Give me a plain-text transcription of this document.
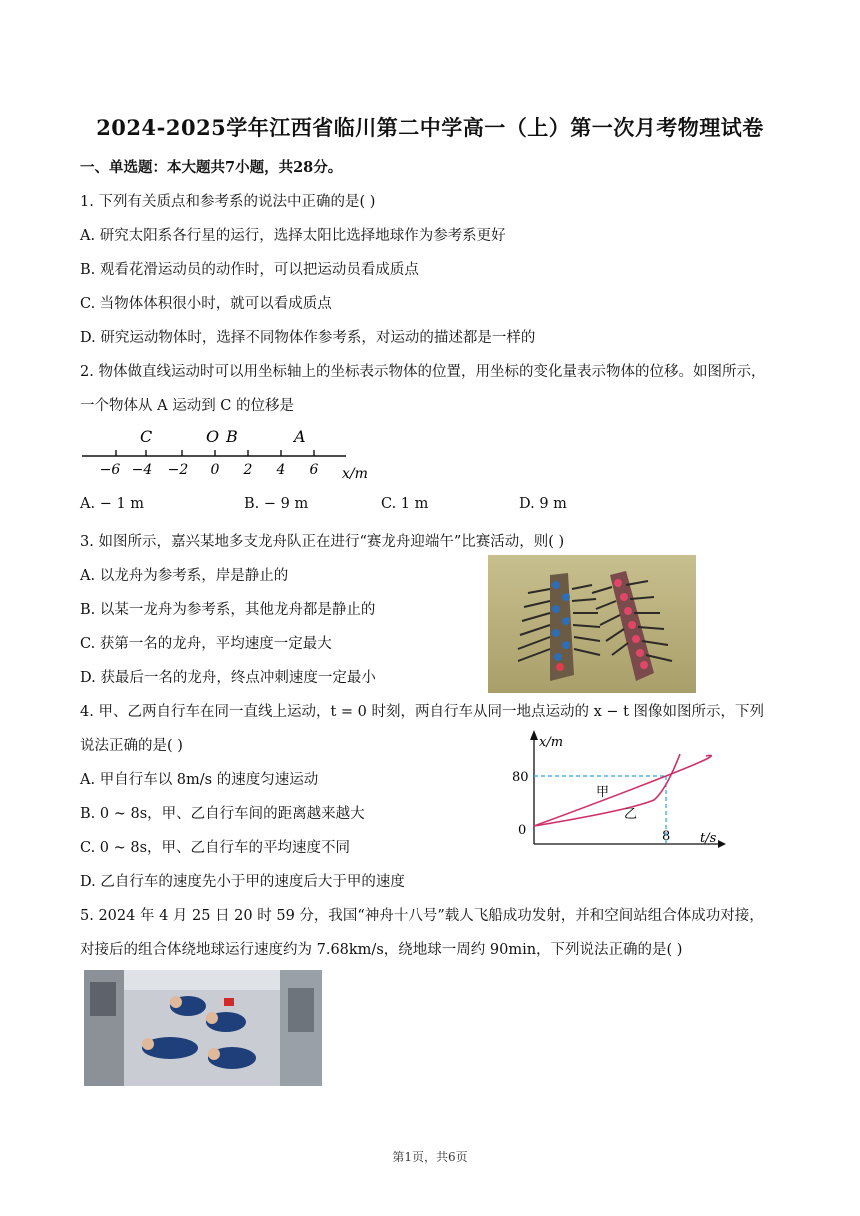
2024-2025学年江西省临川第二中学高一（上）第一次月考物理试卷
一、单选题：本大题共7小题，共28分。
1. 下列有关质点和参考系的说法中正确的是( )
A. 研究太阳系各行星的运行，选择太阳比选择地球作为参考系更好
B. 观看花滑运动员的动作时，可以把运动员看成质点
C. 当物体体积很小时，就可以看成质点
D. 研究运动物体时，选择不同物体作参考系，对运动的描述都是一样的
2. 物体做直线运动时可以用坐标轴上的坐标表示物体的位置，用坐标的变化量表示物体的位移。如图所示，
一个物体从 A 运动到 C 的位移是
C	O B	A
−6 −4 −2 0 2 4 6 x/m
A. − 1 m	B. − 9 m	C. 1 m	D. 9 m
3. 如图所示，嘉兴某地多支龙舟队正在进行“赛龙舟迎端午”比赛活动，则( )
A. 以龙舟为参考系，岸是静止的
B. 以某一龙舟为参考系，其他龙舟都是静止的
C. 获第一名的龙舟，平均速度一定最大
D. 获最后一名的龙舟，终点冲刺速度一定最小
4. 甲、乙两自行车在同一直线上运动，t = 0 时刻，两自行车从同一地点运动的 x − t 图像如图所示，下列
说法正确的是( )
A. 甲自行车以 8m/s 的速度匀速运动
B. 0 ~ 8s，甲、乙自行车间的距离越来越大
C. 0 ~ 8s，甲、乙自行车的平均速度不同
D. 乙自行车的速度先小于甲的速度后大于甲的速度
x/m
t/s
80
0	8
甲
乙
5. 2024 年 4 月 25 日 20 时 59 分，我国“神舟十八号”载人飞船成功发射，并和空间站组合体成功对接，
对接后的组合体绕地球运行速度约为 7.68km/s，绕地球一周约 90min，下列说法正确的是( )
第1页，共6页
